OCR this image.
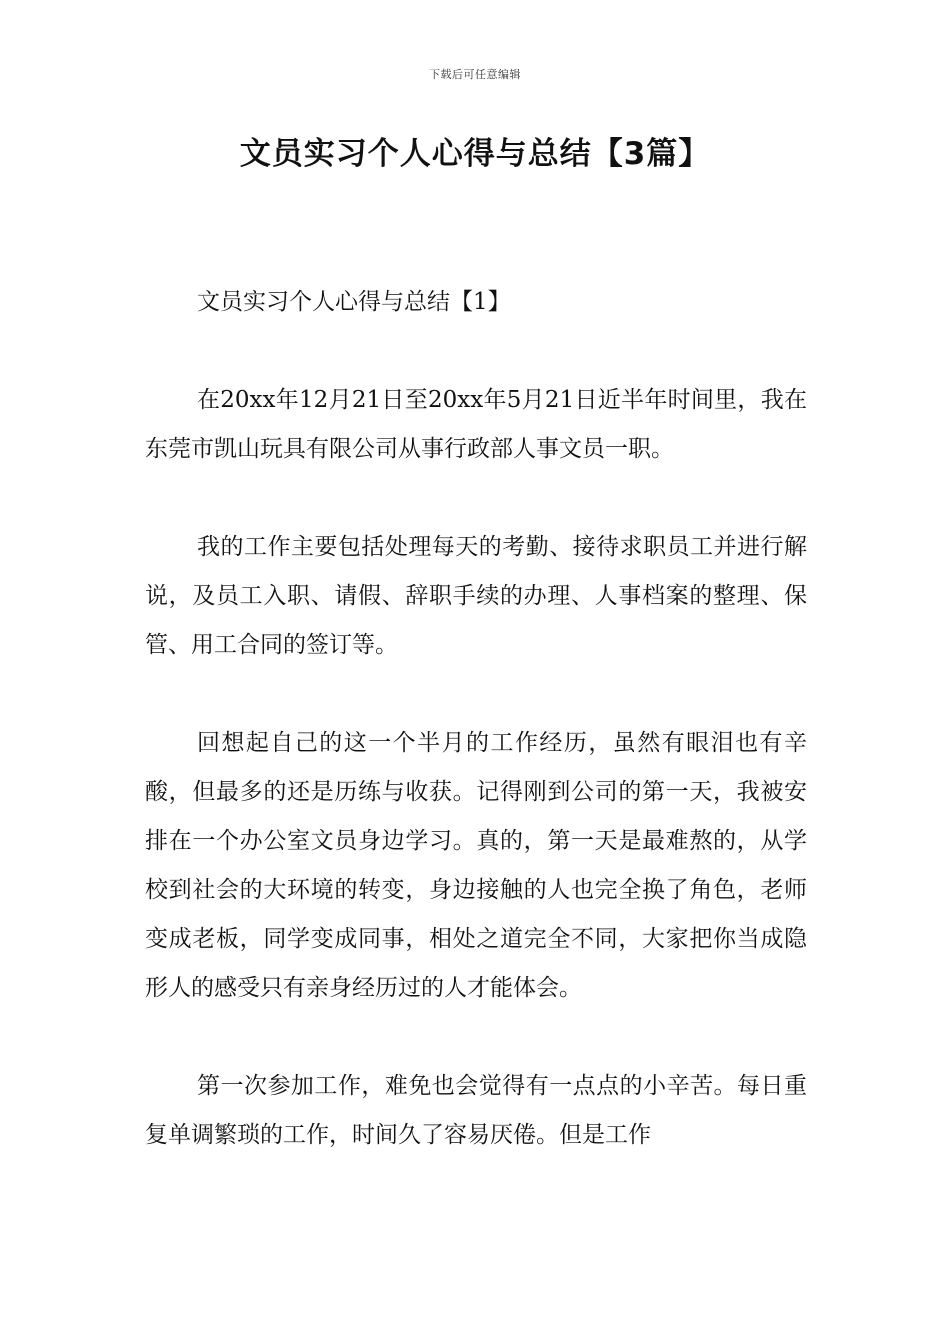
下载后可任意编辑
文员实习个人心得与总结【3篇】
文员实习个人心得与总结【1】

在20xx年12月21日至20xx年5月21日近半年时间里，我在东莞市凯山玩具有限公司从事行政部人事文员一职。

我的工作主要包括处理每天的考勤、接待求职员工并进行解说，及员工入职、请假、辞职手续的办理、人事档案的整理、保管、用工合同的签订等。

回想起自己的这一个半月的工作经历，虽然有眼泪也有辛酸，但最多的还是历练与收获。记得刚到公司的第一天，我被安排在一个办公室文员身边学习。真的，第一天是最难熬的，从学校到社会的大环境的转变，身边接触的人也完全换了角色，老师变成老板，同学变成同事，相处之道完全不同，大家把你当成隐形人的感受只有亲身经历过的人才能体会。

第一次参加工作，难免也会觉得有一点点的小辛苦。每日重复单调繁琐的工作，时间久了容易厌倦。但是工作
